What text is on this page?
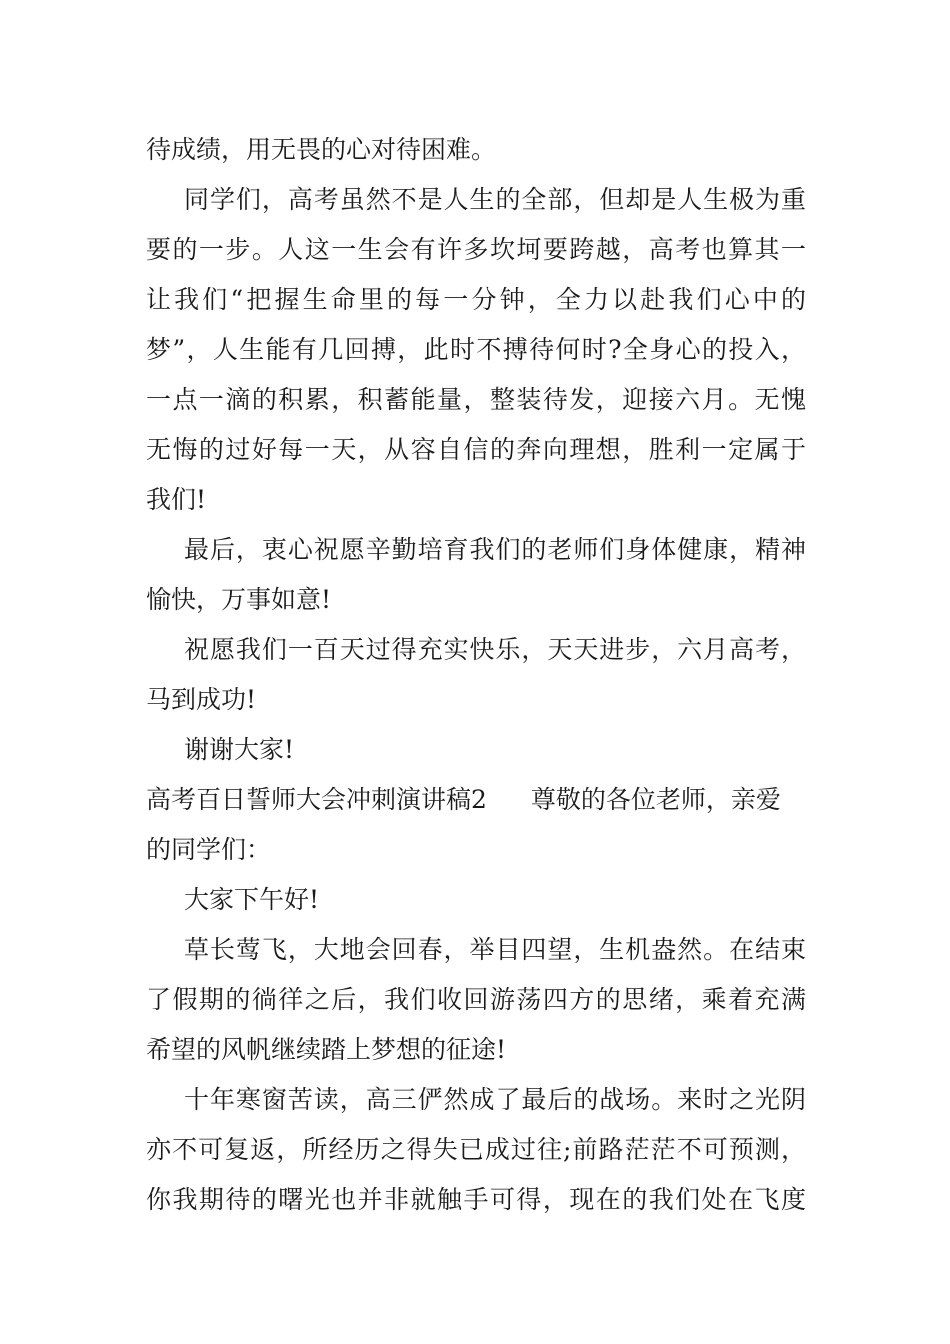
待成绩，用无畏的心对待困难。
同学们，高考虽然不是人生的全部，但却是人生极为重
要的一步。人这一生会有许多坎坷要跨越，高考也算其一
让我们“把握生命里的每一分钟，全力以赴我们心中的
梦”，人生能有几回搏，此时不搏待何时?全身心的投入，
一点一滴的积累，积蓄能量，整装待发，迎接六月。无愧
无悔的过好每一天，从容自信的奔向理想，胜利一定属于
我们!
最后，衷心祝愿辛勤培育我们的老师们身体健康，精神
愉快，万事如意!
祝愿我们一百天过得充实快乐，天天进步，六月高考，
马到成功!
谢谢大家!
高考百日誓师大会冲刺演讲稿2 尊敬的各位老师，亲爱
的同学们：
大家下午好!
草长莺飞，大地会回春，举目四望，生机盎然。在结束
了假期的徜徉之后，我们收回游荡四方的思绪，乘着充满
希望的风帆继续踏上梦想的征途!
十年寒窗苦读，高三俨然成了最后的战场。来时之光阴
亦不可复返，所经历之得失已成过往;前路茫茫不可预测，
你我期待的曙光也并非就触手可得，现在的我们处在飞度
